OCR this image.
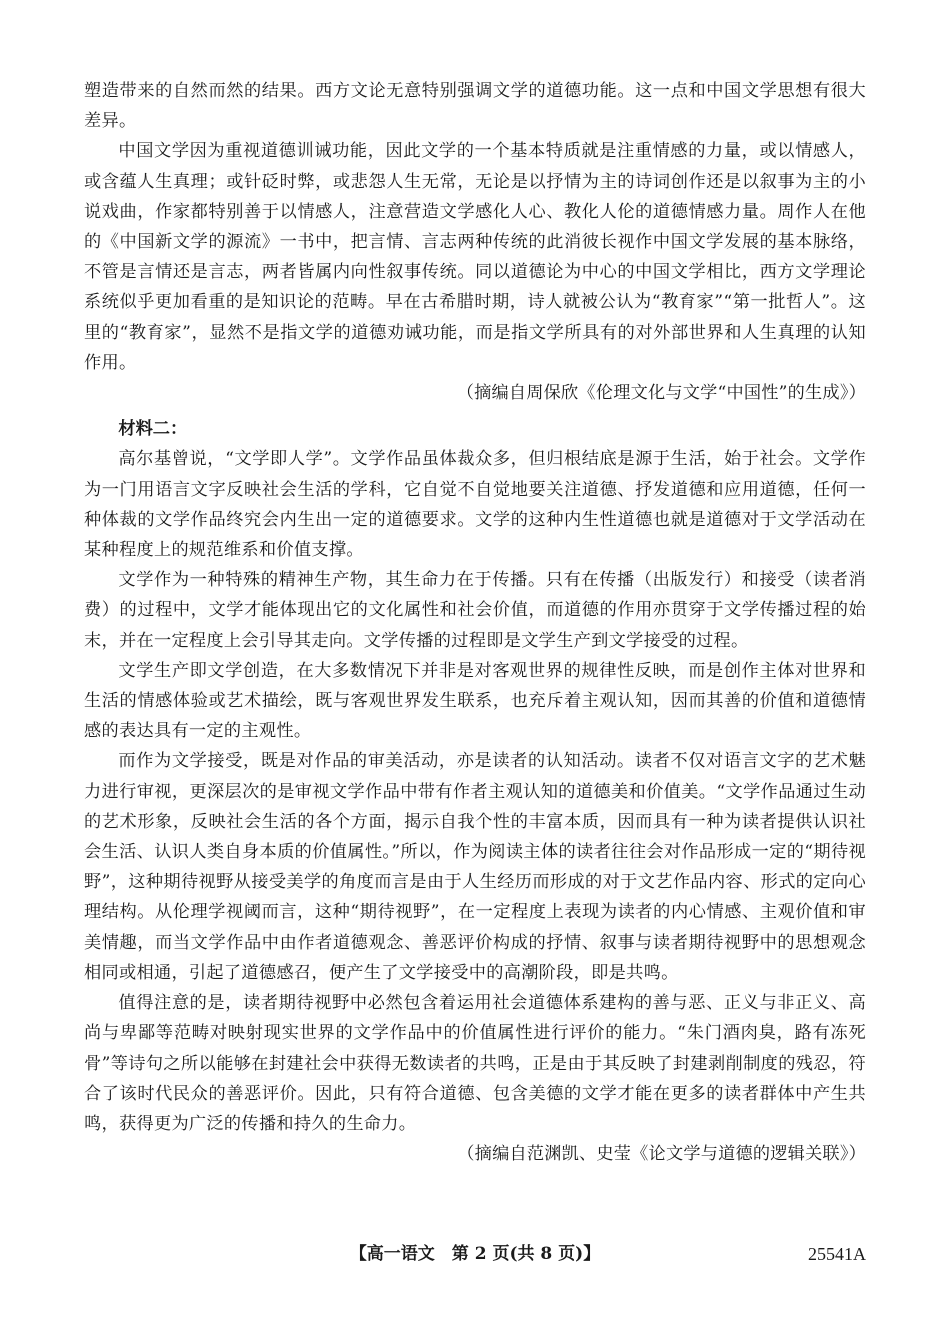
塑造带来的自然而然的结果。西方文论无意特别强调文学的道德功能。这一点和中国文学思想有很大差异。

中国文学因为重视道德训诫功能，因此文学的一个基本特质就是注重情感的力量，或以情感人，或含蕴人生真理；或针砭时弊，或悲怨人生无常，无论是以抒情为主的诗词创作还是以叙事为主的小说戏曲，作家都特别善于以情感人，注意营造文学感化人心、教化人伦的道德情感力量。周作人在他的《中国新文学的源流》一书中，把言情、言志两种传统的此消彼长视作中国文学发展的基本脉络，不管是言情还是言志，两者皆属内向性叙事传统。同以道德论为中心的中国文学相比，西方文学理论系统似乎更加看重的是知识论的范畴。早在古希腊时期，诗人就被公认为“教育家”“第一批哲人”。这里的“教育家”，显然不是指文学的道德劝诫功能，而是指文学所具有的对外部世界和人生真理的认知作用。

（摘编自周保欣《伦理文化与文学“中国性”的生成》）

材料二：

高尔基曾说，“文学即人学”。文学作品虽体裁众多，但归根结底是源于生活，始于社会。文学作为一门用语言文字反映社会生活的学科，它自觉不自觉地要关注道德、抒发道德和应用道德，任何一种体裁的文学作品终究会内生出一定的道德要求。文学的这种内生性道德也就是道德对于文学活动在某种程度上的规范维系和价值支撑。

文学作为一种特殊的精神生产物，其生命力在于传播。只有在传播（出版发行）和接受（读者消费）的过程中，文学才能体现出它的文化属性和社会价值，而道德的作用亦贯穿于文学传播过程的始末，并在一定程度上会引导其走向。文学传播的过程即是文学生产到文学接受的过程。

文学生产即文学创造，在大多数情况下并非是对客观世界的规律性反映，而是创作主体对世界和生活的情感体验或艺术描绘，既与客观世界发生联系，也充斥着主观认知，因而其善的价值和道德情感的表达具有一定的主观性。

而作为文学接受，既是对作品的审美活动，亦是读者的认知活动。读者不仅对语言文字的艺术魅力进行审视，更深层次的是审视文学作品中带有作者主观认知的道德美和价值美。“文学作品通过生动的艺术形象，反映社会生活的各个方面，揭示自我个性的丰富本质，因而具有一种为读者提供认识社会生活、认识人类自身本质的价值属性。”所以，作为阅读主体的读者往往会对作品形成一定的“期待视野”，这种期待视野从接受美学的角度而言是由于人生经历而形成的对于文艺作品内容、形式的定向心理结构。从伦理学视阈而言，这种“期待视野”，在一定程度上表现为读者的内心情感、主观价值和审美情趣，而当文学作品中由作者道德观念、善恶评价构成的抒情、叙事与读者期待视野中的思想观念相同或相通，引起了道德感召，便产生了文学接受中的高潮阶段，即是共鸣。

值得注意的是，读者期待视野中必然包含着运用社会道德体系建构的善与恶、正义与非正义、高尚与卑鄙等范畴对映射现实世界的文学作品中的价值属性进行评价的能力。“朱门酒肉臭，路有冻死骨”等诗句之所以能够在封建社会中获得无数读者的共鸣，正是由于其反映了封建剥削制度的残忍，符合了该时代民众的善恶评价。因此，只有符合道德、包含美德的文学才能在更多的读者群体中产生共鸣，获得更为广泛的传播和持久的生命力。

（摘编自范渊凯、史莹《论文学与道德的逻辑关联》）

【高一语文　第 2 页(共 8 页)】	25541A
